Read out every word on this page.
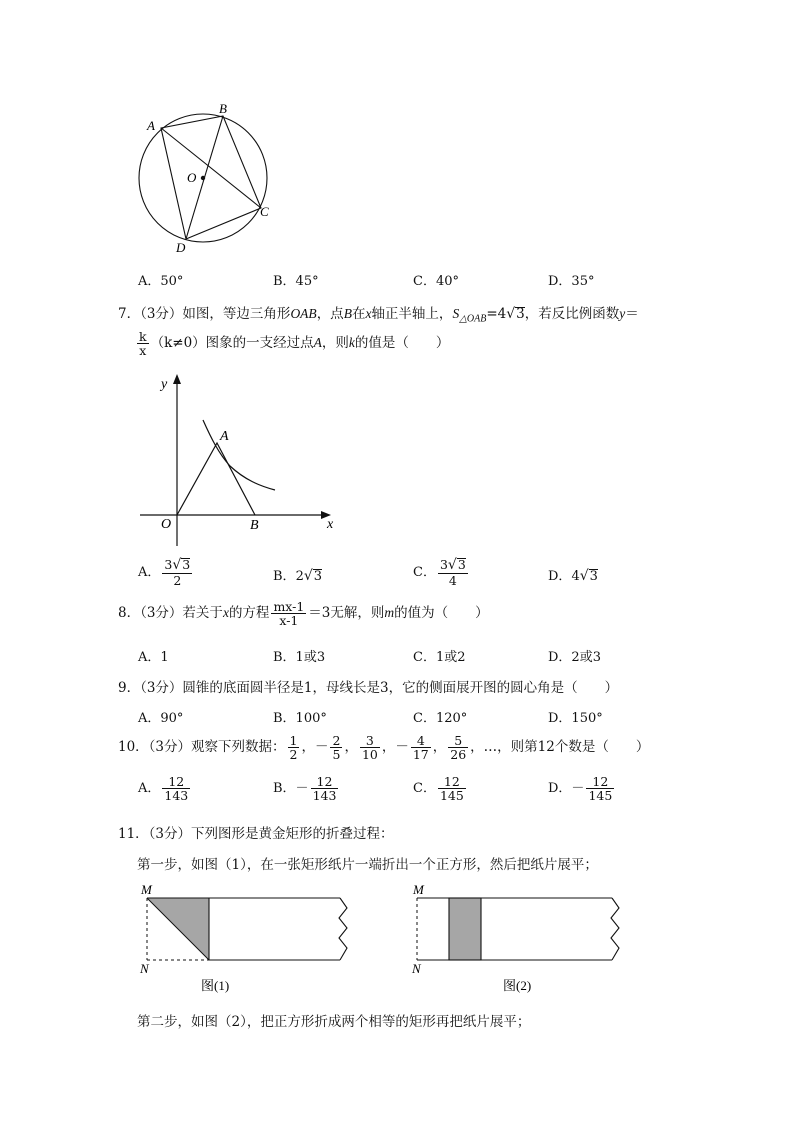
A
B
O
C
D
A．50°	B．45°	C．40°	D．35°
7．（3分）如图，等边三角形OAB，点B在x轴正半轴上，$S_{\triangle OAB}=4√3$，若反比例函数y＝
$\frac{k}{x} (k\ne 0)$图象的一支经过点A，则k的值是（　　）
y
x
O
A
B
A． $\frac{3√3}{2}$	B．2√3	C． $\frac{3√3}{4}$	D．4√3
8．（3分）若关于x的方程 $\frac{mx-1}{x-1} =3$无解，则m的值为（　　）
A．1	B．1或3	C．1或2	D．2或3
9．（3分）圆锥的底面圆半径是1，母线长是3，它的侧面展开图的圆心角是（　　）
A．90°	B．100°	C．120°	D．150°
10．（3分）观察下列数据： $\frac{1}{2}$ ，－ $\frac{2}{5}$ ， $\frac{3}{10}$ ，－ $\frac{4}{17}$ ， $\frac{5}{26}$ ，…，则第12个数是（　　）
A． $\frac{12}{143}$	B．－ $\frac{12}{143}$	C． $\frac{12}{145}$	D．－ $\frac{12}{145}$
11．（3分）下列图形是黄金矩形的折叠过程：
第一步，如图（1），在一张矩形纸片一端折出一个正方形，然后把纸片展平；
M
N
图(1)
M
N
图(2)
第二步，如图（2），把正方形折成两个相等的矩形再把纸片展平；
